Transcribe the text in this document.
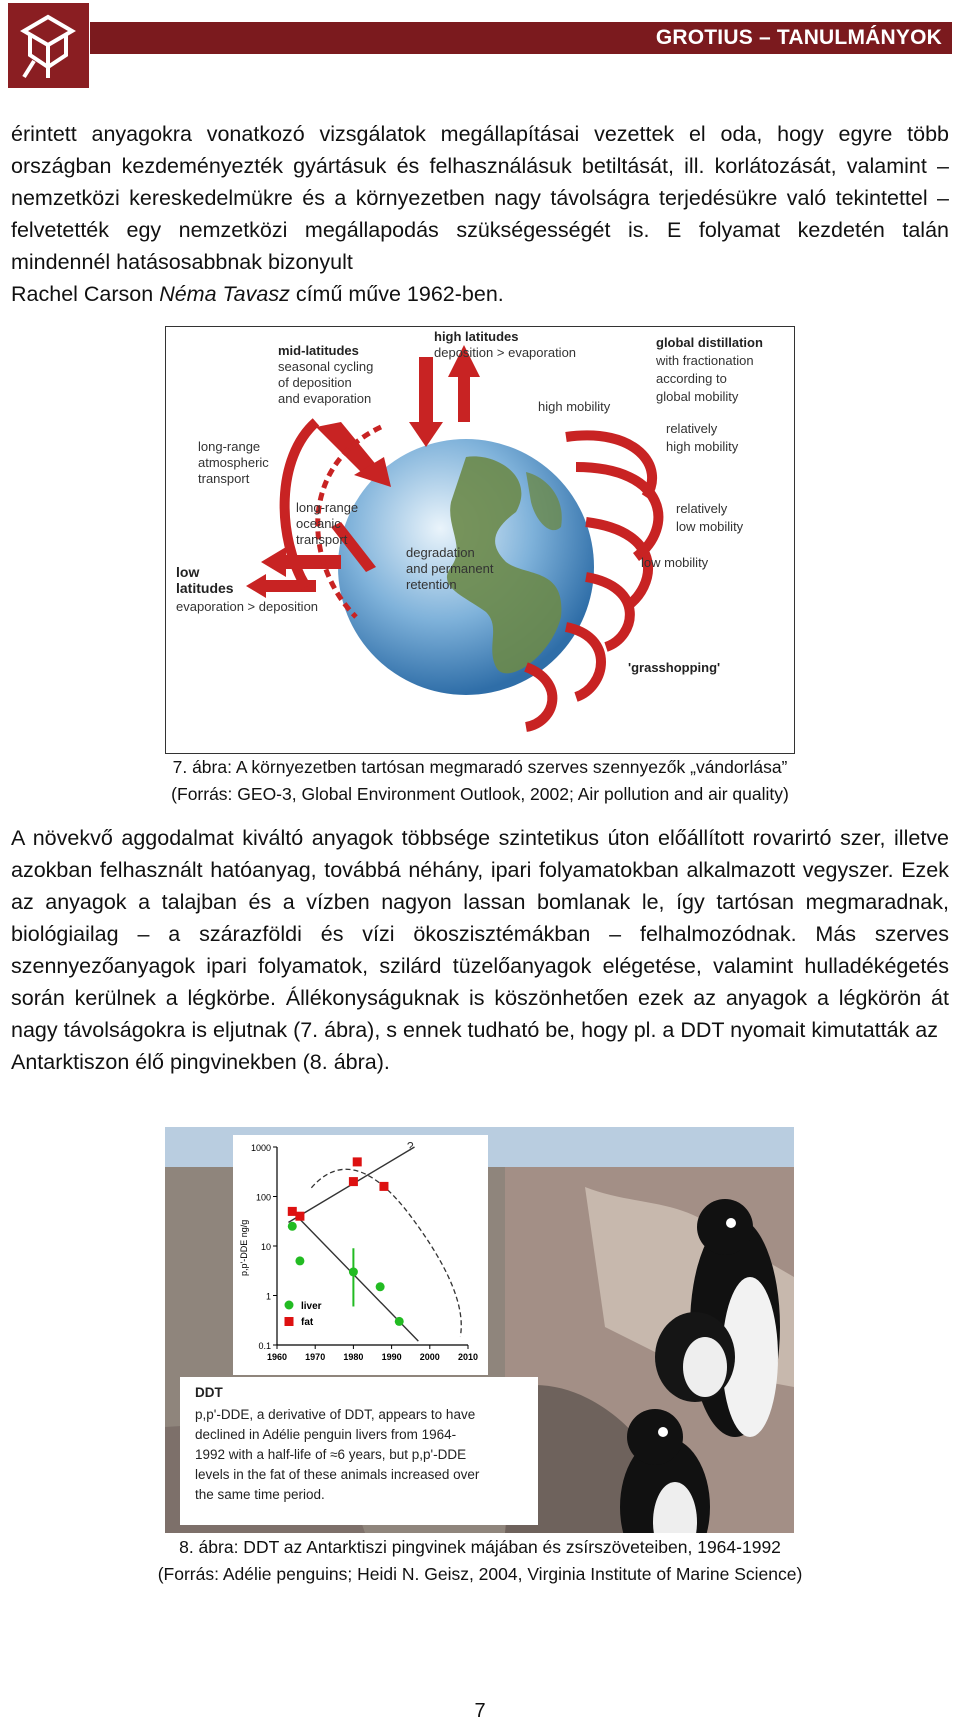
GROTIUS – TANULMÁNYOK
érintett anyagokra vonatkozó vizsgálatok megállapításai vezettek el oda, hogy egyre több országban kezdeményezték gyártásuk és felhasználásuk betiltását, ill. korlátozását, valamint – nemzetközi kereskedelmükre és a környezetben nagy távolságra terjedésükre való tekintettel – felvetették egy nemzetközi megállapodás szükségességét is. E folyamat kezdetén talán mindennél hatásosabbnak bizonyult
Rachel Carson Néma Tavasz című műve 1962-ben.
mid-latitudes
seasonal cycling
of deposition
and evaporation
high latitudes
deposition > evaporation
global distillation
with fractionation
according to
global mobility
high mobility
relatively
high mobility
long-range
atmospheric
transport
long-range
oceanic
transport
relatively
low mobility
low
latitudes
evaporation > deposition
degradation
and permanent
retention
low mobility
'grasshopping'
7. ábra: A környezetben tartósan megmaradó szerves szennyezők „vándorlása”
(Forrás: GEO-3, Global Environment Outlook, 2002; Air pollution and air quality)
A növekvő aggodalmat kiváltó anyagok többsége szintetikus úton előállított rovarirtó szer, illetve azokban felhasznált hatóanyag, továbbá néhány, ipari folyamatokban alkalmazott vegyszer. Ezek az anyagok a talajban és a vízben nagyon lassan bomlanak le, így tartósan megmaradnak, biológiailag – a szárazföldi és vízi ökoszisztémákban – felhalmozódnak. Más szerves szennyezőanyagok ipari folyamatok, szilárd tüzelőanyagok elégetése, valamint hulladékégetés során kerülnek a légkörbe. Állékonyságuknak is köszönhetően ezek az anyagok a légkörön át nagy távolságokra is eljutnak (7. ábra), s ennek tudható be, hogy pl. a DDT nyomait kimutatták az
Antarktiszon élő pingvinekben (8. ábra).
0.1
1
10
100
1000
1960 1970 1980 1990 2000 2010
p,p'-DDE ng/g
?
liver
fat
DDT
p,p'-DDE, a derivative of DDT, appears to have
declined in Adélie penguin livers from 1964-
1992 with a half-life of ≈6 years, but p,p'-DDE
levels in the fat of these animals increased over
the same time period.
8. ábra: DDT az Antarktiszi pingvinek májában és zsírszöveteiben, 1964-1992
(Forrás: Adélie penguins; Heidi N. Geisz, 2004, Virginia Institute of Marine Science)
7
